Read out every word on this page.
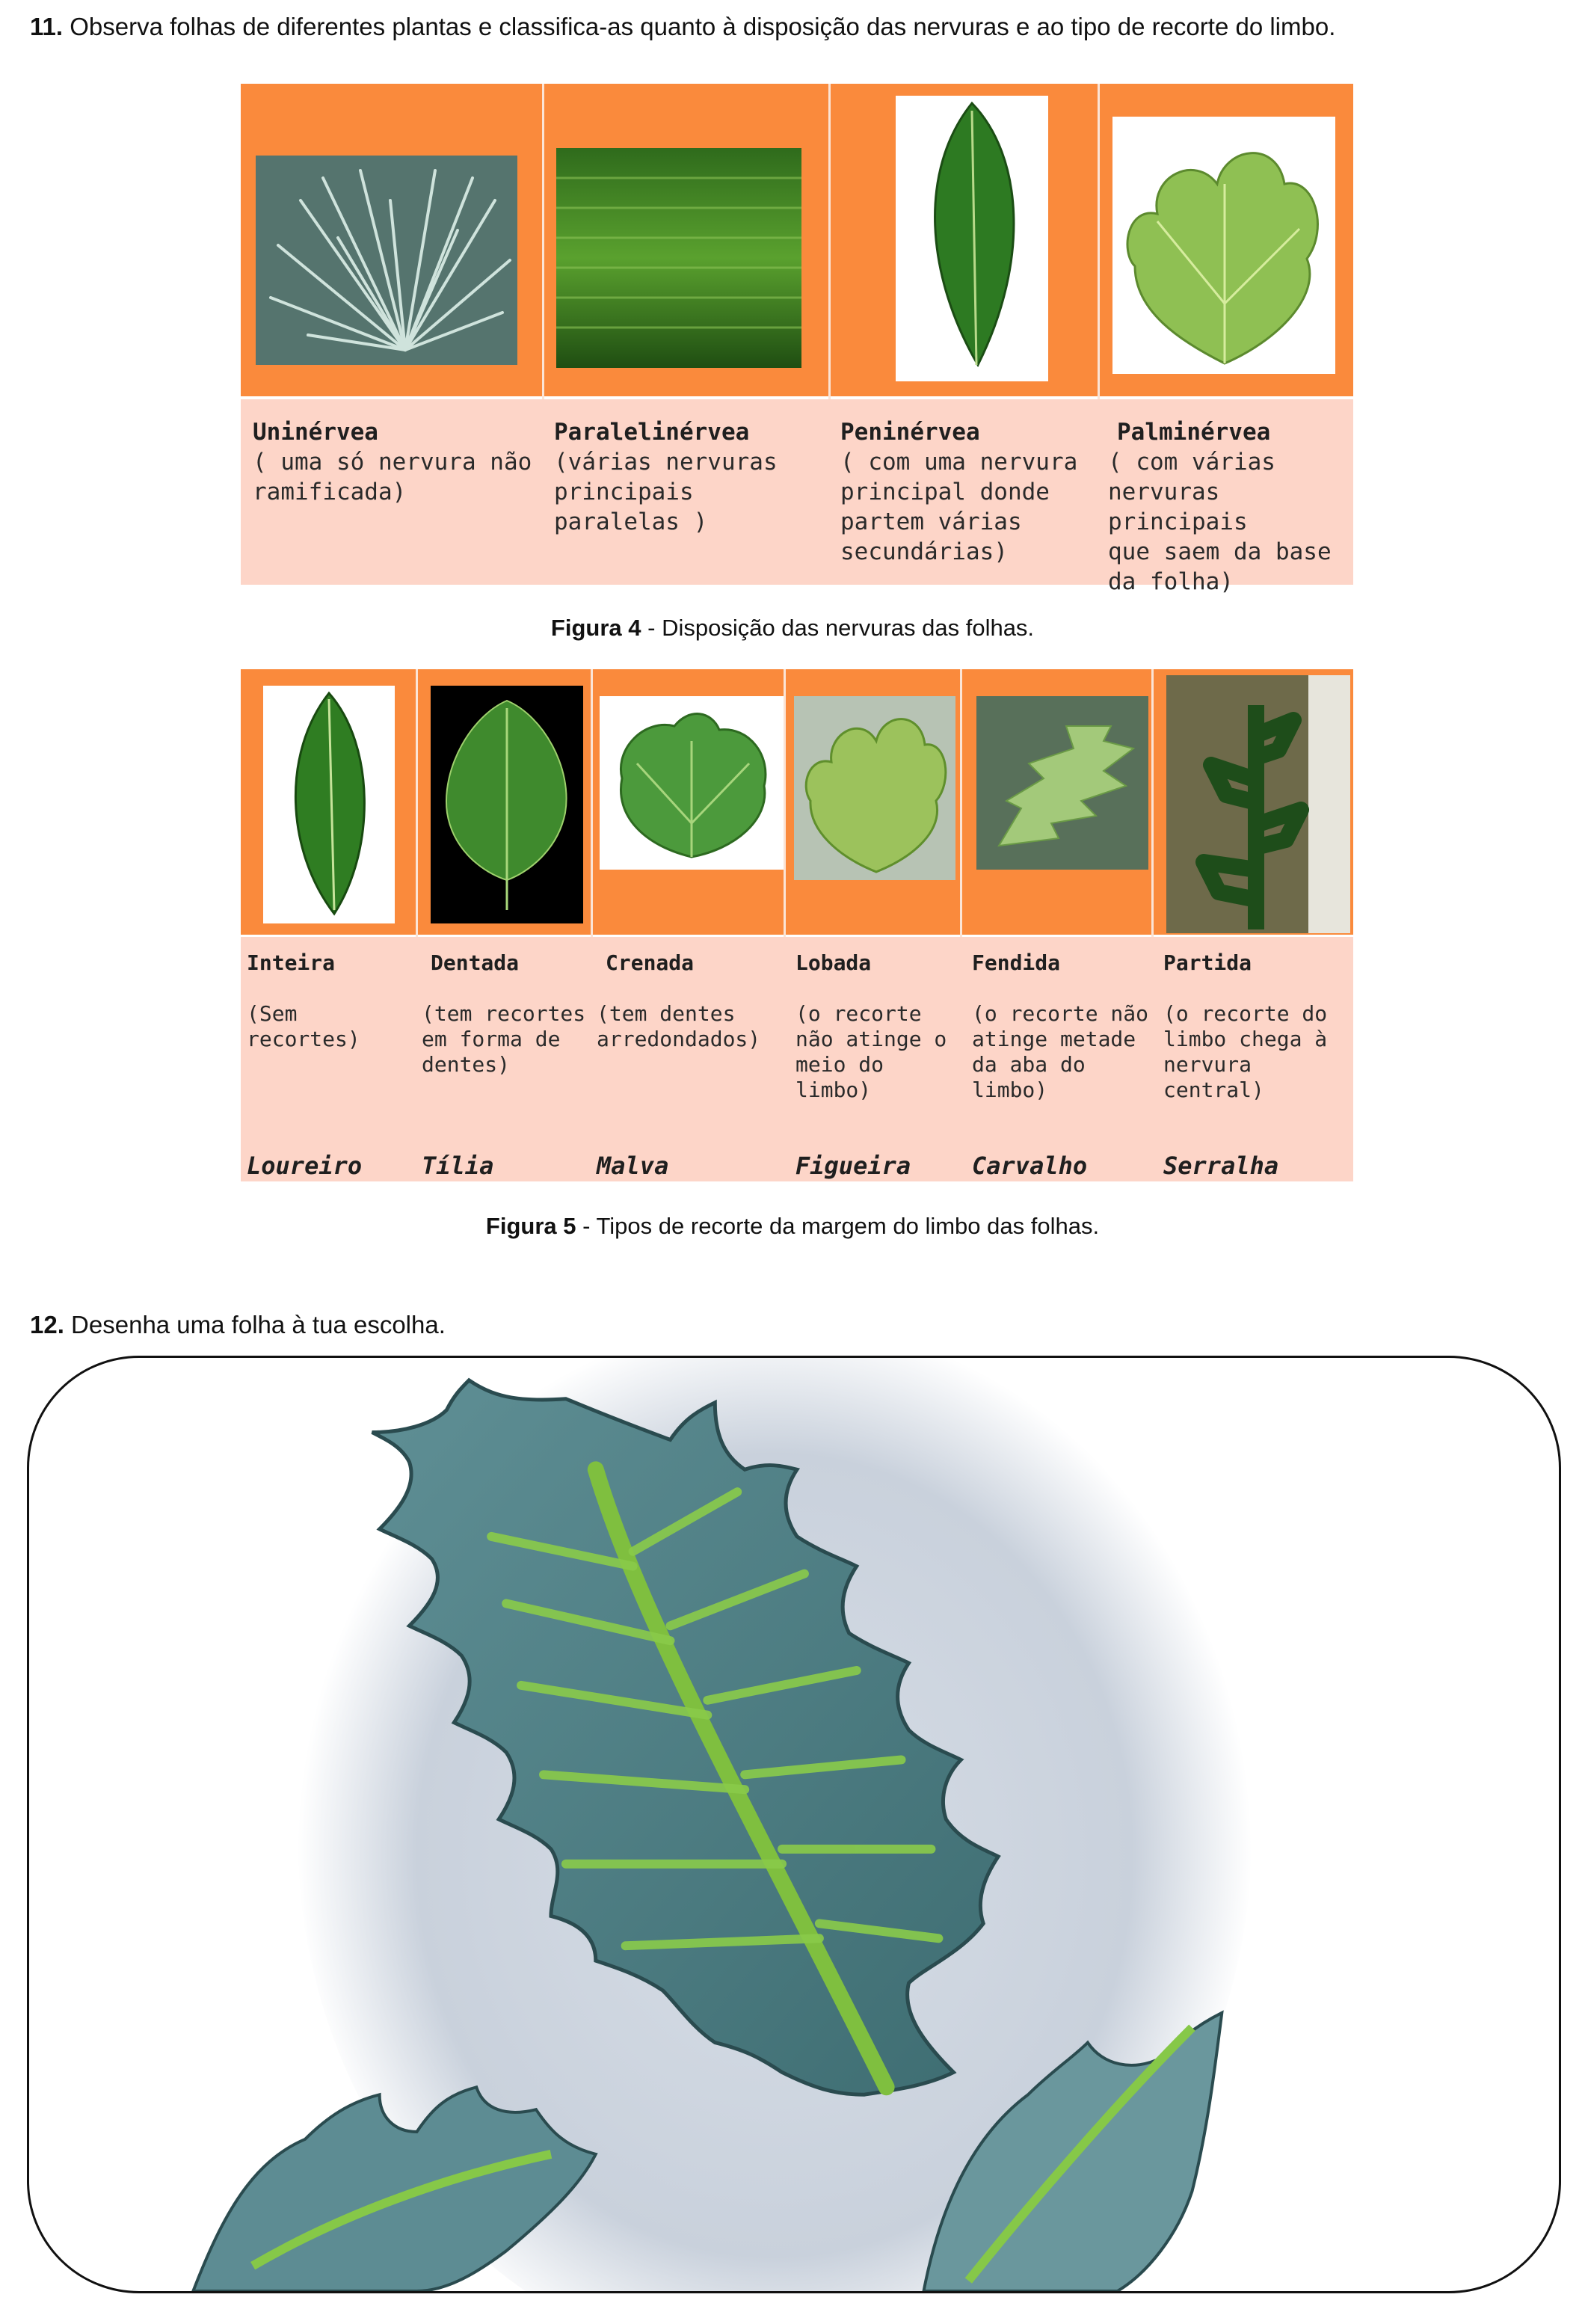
11. Observa folhas de diferentes plantas e classifica-as quanto à disposição das nervuras e ao tipo de recorte do limbo.
Uninérvea
( uma só nervura não
ramificada)
Paralelinérvea
(várias nervuras
principais paralelas )
Peninérvea
( com uma nervura
principal donde
partem várias
secundárias)
Palminérvea
( com várias
nervuras principais
que saem da base
da folha)
Figura 4 - Disposição das nervuras das folhas.
Inteira
(Sem
recortes)
Loureiro
Dentada
(tem recortes
em forma de
dentes)
Tília
Crenada
(tem dentes
arredondados)
Malva
Lobada
(o recorte
não atinge o
meio do
limbo)
Figueira
Fendida
(o recorte não
atinge metade
da aba do
limbo)
Carvalho
Partida
(o recorte do
limbo chega à
nervura central)
Serralha
Figura 5 - Tipos de recorte da margem do limbo das folhas.
12. Desenha uma folha à tua escolha.
